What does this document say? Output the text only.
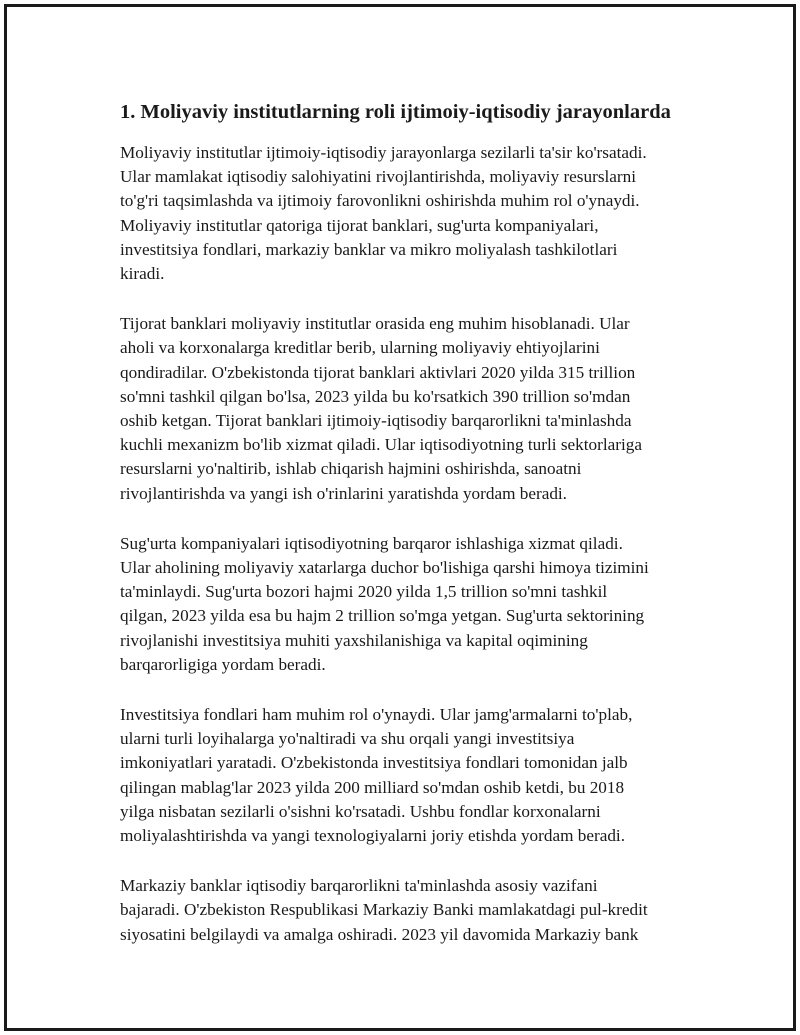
1. Moliyaviy institutlarning roli ijtimoiy-iqtisodiy jarayonlarda

Moliyaviy institutlar ijtimoiy-iqtisodiy jarayonlarga sezilarli ta'sir ko'rsatadi.
Ular mamlakat iqtisodiy salohiyatini rivojlantirishda, moliyaviy resurslarni
to'g'ri taqsimlashda va ijtimoiy farovonlikni oshirishda muhim rol o'ynaydi.
Moliyaviy institutlar qatoriga tijorat banklari, sug'urta kompaniyalari,
investitsiya fondlari, markaziy banklar va mikro moliyalash tashkilotlari
kiradi.

Tijorat banklari moliyaviy institutlar orasida eng muhim hisoblanadi. Ular
aholi va korxonalarga kreditlar berib, ularning moliyaviy ehtiyojlarini
qondiradilar. O'zbekistonda tijorat banklari aktivlari 2020 yilda 315 trillion
so'mni tashkil qilgan bo'lsa, 2023 yilda bu ko'rsatkich 390 trillion so'mdan
oshib ketgan. Tijorat banklari ijtimoiy-iqtisodiy barqarorlikni ta'minlashda
kuchli mexanizm bo'lib xizmat qiladi. Ular iqtisodiyotning turli sektorlariga
resurslarni yo'naltirib, ishlab chiqarish hajmini oshirishda, sanoatni
rivojlantirishda va yangi ish o'rinlarini yaratishda yordam beradi.

Sug'urta kompaniyalari iqtisodiyotning barqaror ishlashiga xizmat qiladi.
Ular aholining moliyaviy xatarlarga duchor bo'lishiga qarshi himoya tizimini
ta'minlaydi. Sug'urta bozori hajmi 2020 yilda 1,5 trillion so'mni tashkil
qilgan, 2023 yilda esa bu hajm 2 trillion so'mga yetgan. Sug'urta sektorining
rivojlanishi investitsiya muhiti yaxshilanishiga va kapital oqimining
barqarorligiga yordam beradi.

Investitsiya fondlari ham muhim rol o'ynaydi. Ular jamg'armalarni to'plab,
ularni turli loyihalarga yo'naltiradi va shu orqali yangi investitsiya
imkoniyatlari yaratadi. O'zbekistonda investitsiya fondlari tomonidan jalb
qilingan mablag'lar 2023 yilda 200 milliard so'mdan oshib ketdi, bu 2018
yilga nisbatan sezilarli o'sishni ko'rsatadi. Ushbu fondlar korxonalarni
moliyalashtirishda va yangi texnologiyalarni joriy etishda yordam beradi.

Markaziy banklar iqtisodiy barqarorlikni ta'minlashda asosiy vazifani
bajaradi. O'zbekiston Respublikasi Markaziy Banki mamlakatdagi pul-kredit
siyosatini belgilaydi va amalga oshiradi. 2023 yil davomida Markaziy bank
